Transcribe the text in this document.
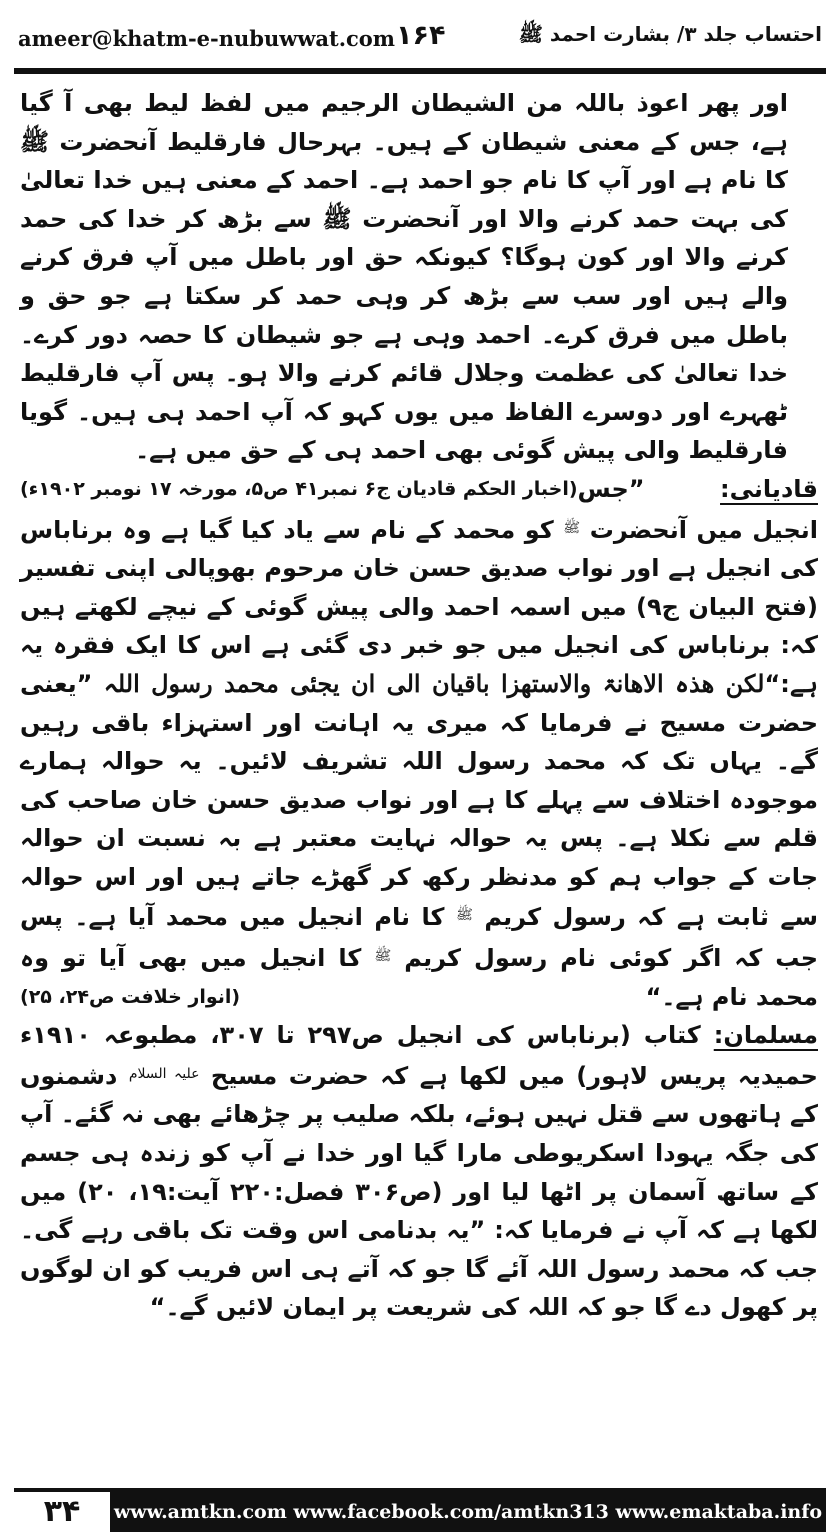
ameer@khatm-e-nubuwwat.com ۱۶۴	احتساب جلد ۳/ بشارت احمد ﷺ

اور پھر اعوذ باللہ من الشیطان الرجیم میں لفظ لیط بھی آ گیا ہے، جس کے معنی شیطان کے ہیں۔ بہرحال فارقلیط آنحضرت ﷺ کا نام ہے اور آپ کا نام جو احمد ہے۔ احمد کے معنی ہیں خدا تعالیٰ کی بہت حمد کرنے والا اور آنحضرت ﷺ سے بڑھ کر خدا کی حمد کرنے والا اور کون ہوگا؟ کیونکہ حق اور باطل میں آپ فرق کرنے والے ہیں اور سب سے بڑھ کر وہی حمد کر سکتا ہے جو حق و باطل میں فرق کرے۔ احمد وہی ہے جو شیطان کا حصہ دور کرے۔ خدا تعالیٰ کی عظمت وجلال قائم کرنے والا ہو۔ پس آپ فارقلیط ٹھہرے اور دوسرے الفاظ میں یوں کہو کہ آپ احمد ہی ہیں۔ گویا فارقلیط والی پیش گوئی بھی احمد ہی کے حق میں ہے۔
(اخبار الحکم قادیان ج۶ نمبر۴۱ ص۵، مورخہ ۱۷ نومبر ۱۹۰۲ء)	قادیانی: ”جس انجیل میں آنحضرت $^ﷺ$ کو محمد کے نام سے یاد کیا گیا ہے وہ برناباس کی انجیل ہے اور نواب صدیق حسن خان مرحوم بھوپالی اپنی تفسیر (فتح البیان ج۹) میں اسمہ احمد والی پیش گوئی کے نیچے لکھتے ہیں کہ: برناباس کی انجیل میں جو خبر دی گئی ہے اس کا ایک فقرہ یہ ہے:“لکن ھذہ الاھانۃ والاستھزا باقیان الی ان یجئی محمد رسول اللہ ”یعنی حضرت مسیح نے فرمایا کہ میری یہ اہانت اور استہزاء باقی رہیں گے۔ یہاں تک کہ محمد رسول اللہ تشریف لائیں۔ یہ حوالہ ہمارے موجودہ اختلاف سے پہلے کا ہے اور نواب صدیق حسن خان صاحب کی قلم سے نکلا ہے۔ پس یہ حوالہ نہایت معتبر ہے بہ نسبت ان حوالہ جات کے جواب ہم کو مدنظر رکھ کر گھڑے جاتے ہیں اور اس حوالہ سے ثابت ہے کہ رسول کریم $^ﷺ$ کا نام انجیل میں محمد آیا ہے۔ پس جب کہ اگر کوئی نام رسول کریم $^ﷺ$ کا انجیل میں بھی آیا تو وہ محمد نام ہے۔“
(انوار خلافت ص۲۴، ۲۵)

مسلمان: کتاب (برناباس کی انجیل ص۲۹۷ تا ۳۰۷، مطبوعہ ۱۹۱۰ء حمیدیہ پریس لاہور) میں لکھا ہے کہ حضرت مسیح $^{علیہ السلام}$ دشمنوں کے ہاتھوں سے قتل نہیں ہوئے، بلکہ صلیب پر چڑھائے بھی نہ گئے۔ آپ کی جگہ یہودا اسکریوطی مارا گیا اور خدا نے آپ کو زندہ ہی جسم کے ساتھ آسمان پر اٹھا لیا اور (ص۳۰۶ فصل:۲۲۰ آیت:۱۹، ۲۰) میں لکھا ہے کہ آپ نے فرمایا کہ: ”یہ بدنامی اس وقت تک باقی رہے گی۔ جب کہ محمد رسول اللہ آئے گا جو کہ آتے ہی اس فریب کو ان لوگوں پر کھول دے گا جو کہ اللہ کی شریعت پر ایمان لائیں گے۔“

۳۴	www.amtkn.com www.facebook.com/amtkn313 www.emaktaba.info
